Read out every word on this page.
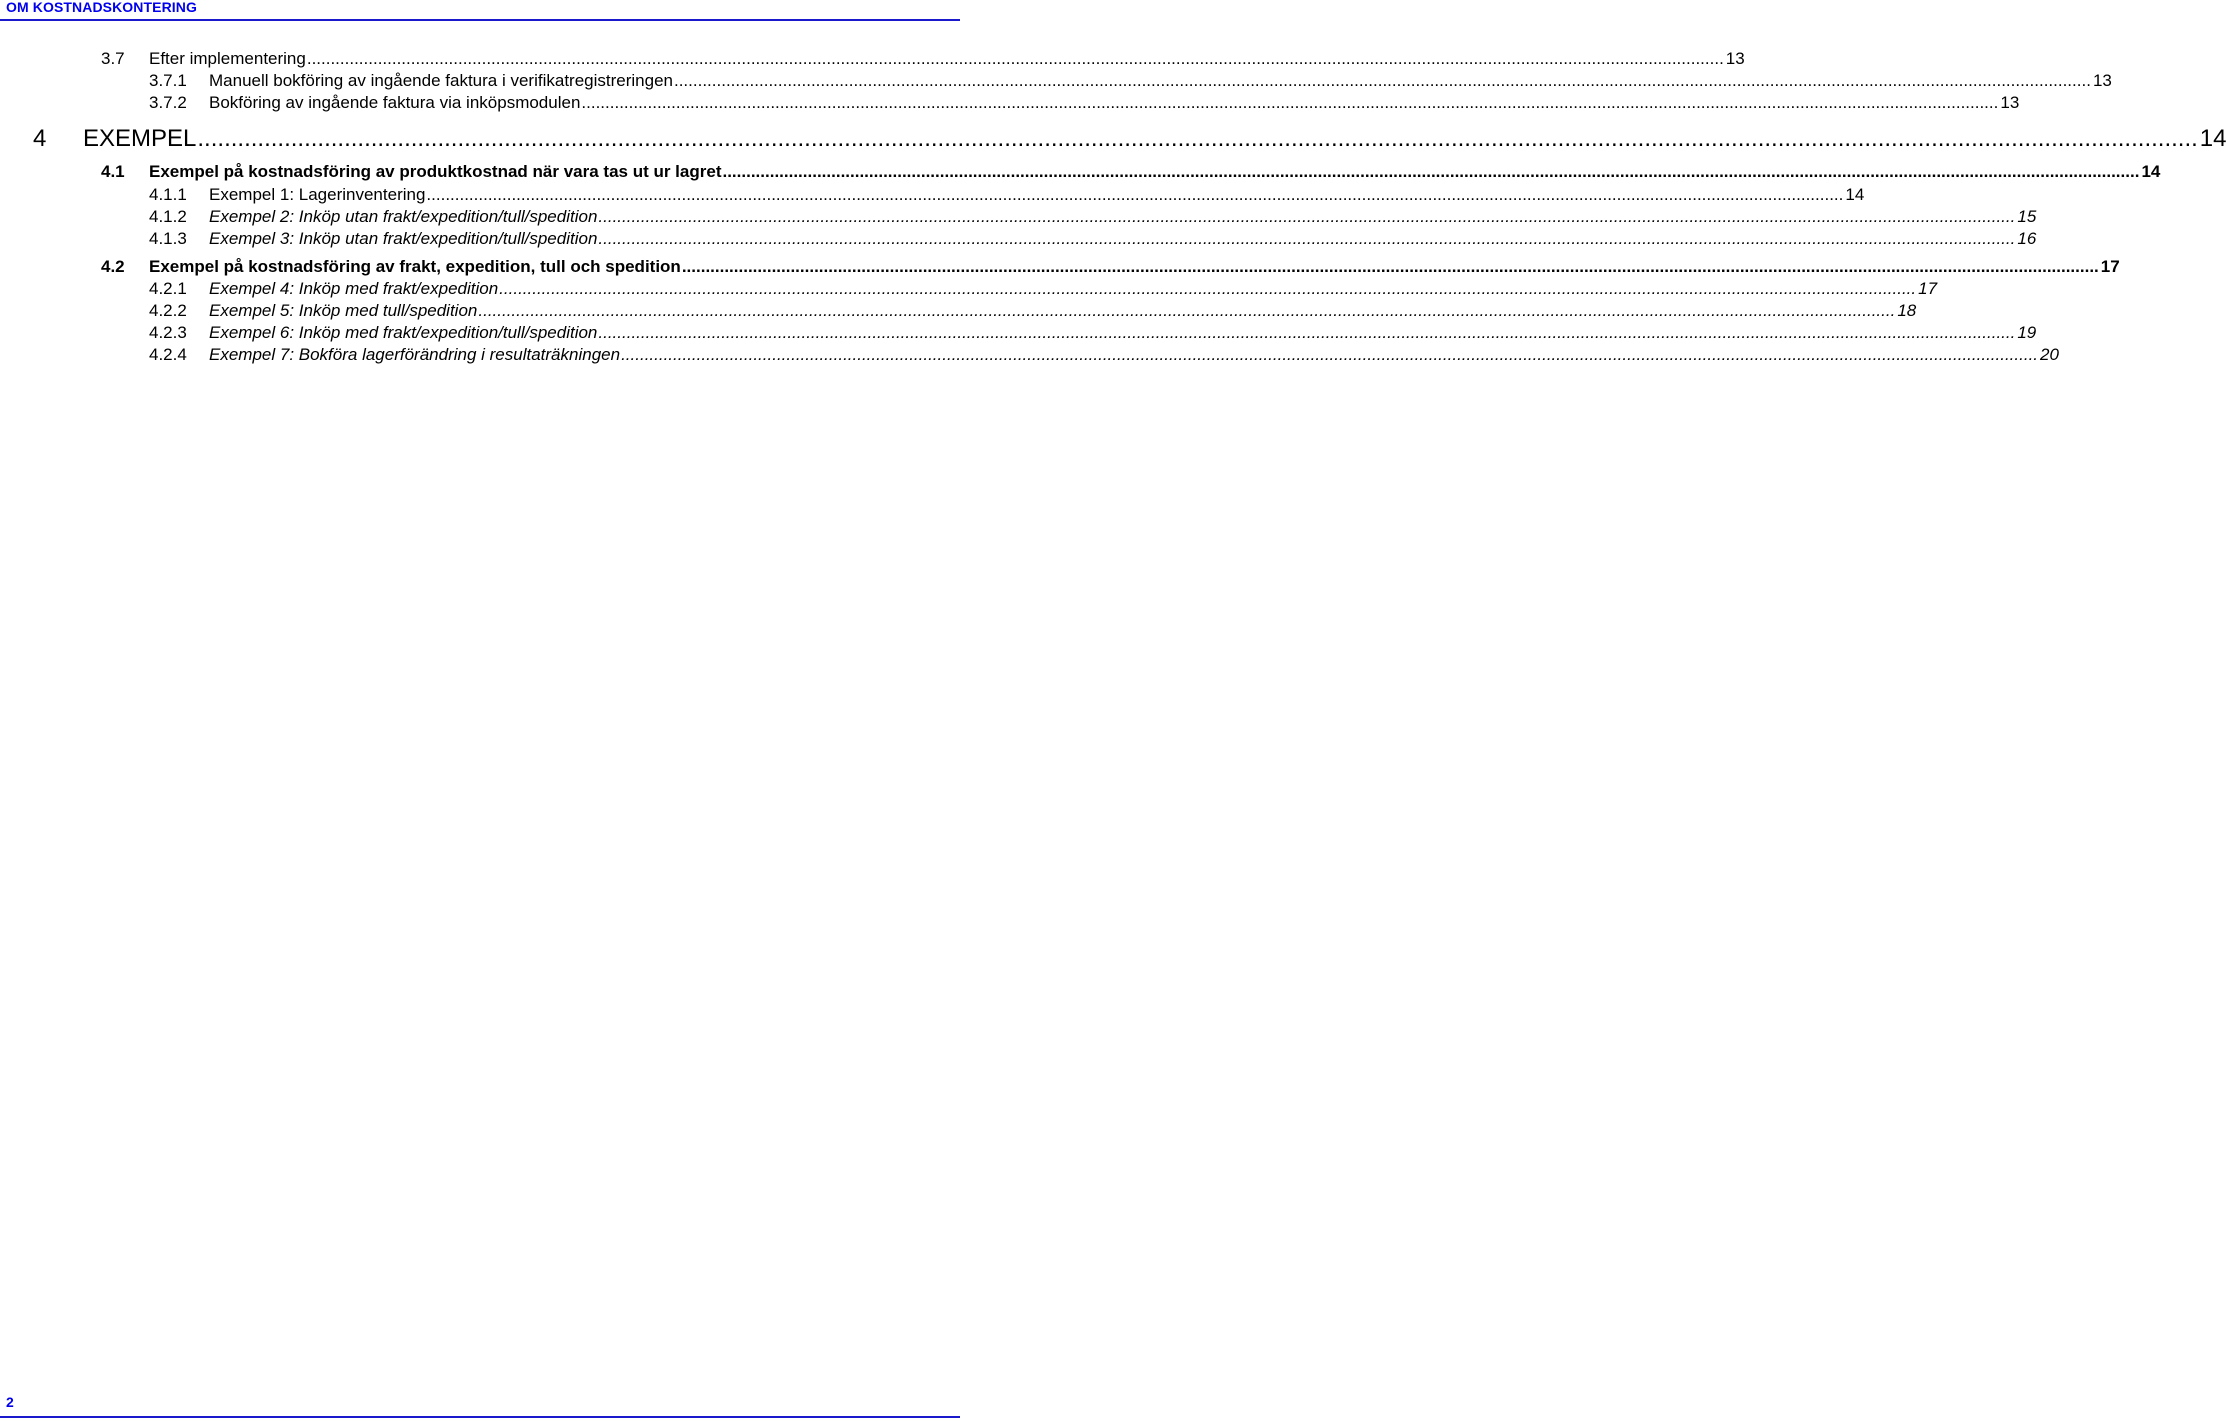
OM KOSTNADSKONTERING
3.7 Efter implementering ............................................................................................................................................................................................................................................................................................................ 13
3.7.1 Manuell bokföring av ingående faktura i verifikatregistreringen ............................................................................................................................................................................................................................................................................................................ 13
3.7.2 Bokföring av ingående faktura via inköpsmodulen ............................................................................................................................................................................................................................................................................................................ 13
4 EXEMPEL ............................................................................................................................................................................................................................................................................................................ 14
4.1 Exempel på kostnadsföring av produktkostnad när vara tas ut ur lagret ............................................................................................................................................................................................................................................................................................................ 14
4.1.1 Exempel 1: Lagerinventering ............................................................................................................................................................................................................................................................................................................ 14
4.1.2 Exempel 2: Inköp utan frakt/expedition/tull/spedition ............................................................................................................................................................................................................................................................................................................ 15
4.1.3 Exempel 3: Inköp utan frakt/expedition/tull/spedition ............................................................................................................................................................................................................................................................................................................ 16
4.2 Exempel på kostnadsföring av frakt, expedition, tull och spedition ............................................................................................................................................................................................................................................................................................................ 17
4.2.1 Exempel 4: Inköp med frakt/expedition ............................................................................................................................................................................................................................................................................................................ 17
4.2.2 Exempel 5: Inköp med tull/spedition ............................................................................................................................................................................................................................................................................................................ 18
4.2.3 Exempel 6: Inköp med frakt/expedition/tull/spedition ............................................................................................................................................................................................................................................................................................................ 19
4.2.4 Exempel 7: Bokföra lagerförändring i resultaträkningen ............................................................................................................................................................................................................................................................................................................ 20
2
